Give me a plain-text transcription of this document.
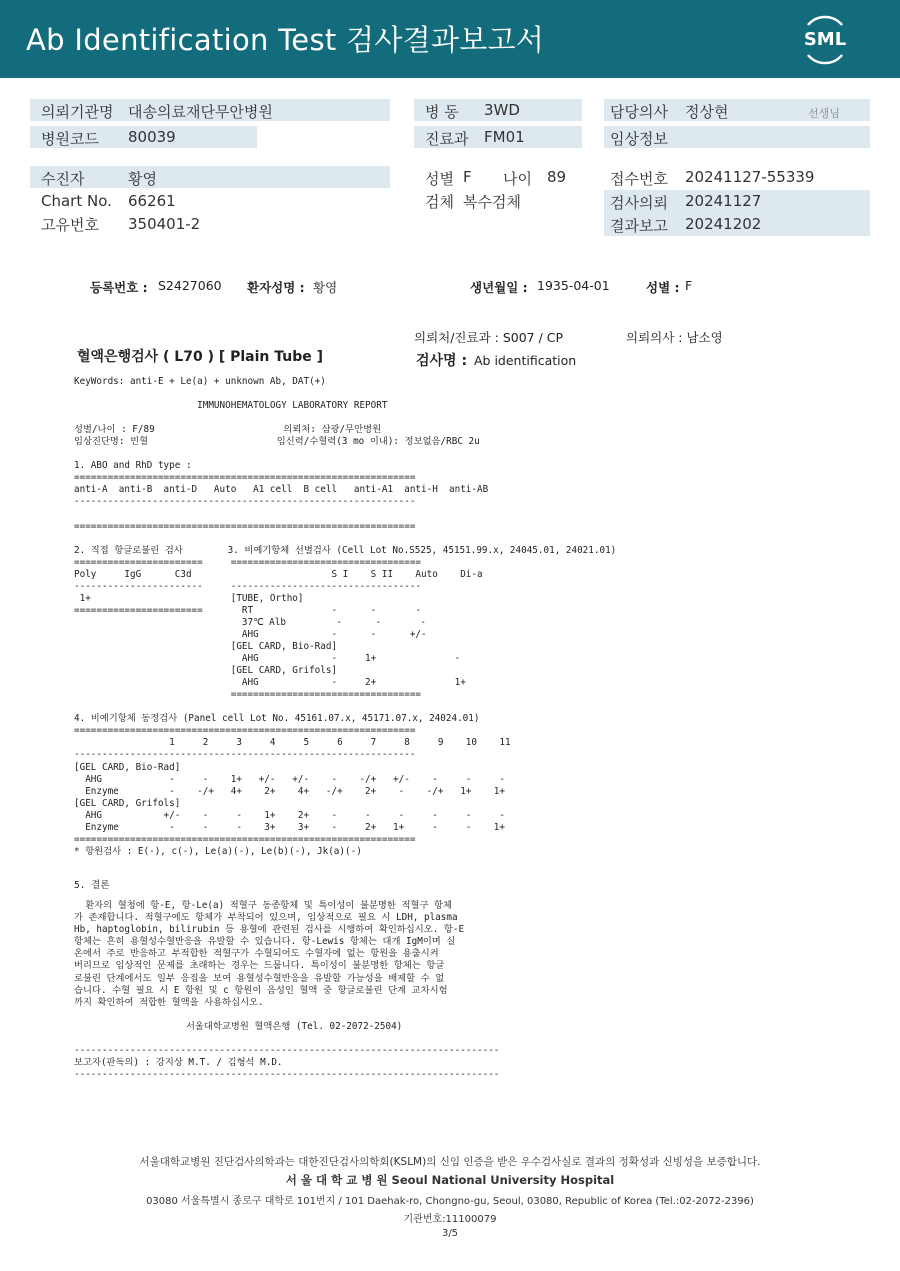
Ab Identification Test 검사결과보고서	SML
의뢰기관명 대송의료재단무안병원
병원코드 80039
병 동 3WD
진료과 FM01
담당의사 정상현	선생님
임상정보
수진자	황영
Chart No. 66261
고유번호 350401-2
성별 F 나이 89
검체 복수검체
접수번호 20241127-55339
검사의뢰 20241127
결과보고 20241202
등록번호 : S2427060 환자성명 : 황영	생년월일 : 1935-04-01	성별 : F
의뢰처/진료과 : S007 / CP	의뢰의사 : 남소영
혈액은행검사 ( L70 ) [ Plain Tube ]	검사명 : Ab identification
KeyWords: anti-E + Le(a) + unknown Ab, DAT(+)

IMMUNOHEMATOLOGY LABORATORY REPORT

성별/나이 : F/89                       의뢰처: 삼광/무안병원
임상진단명: 빈혈                       임신력/수혈력(3 mo 이내): 정보없음/RBC 2u

1. ABO and RhD type :
=============================================================
anti-A  anti-B  anti-D   Auto   A1 cell  B cell   anti-A1  anti-H  anti-AB
-------------------------------------------------------------

=============================================================

2. 직접 항글로불린 검사        3. 비예기항체 선별검사 (Cell Lot No.S525, 45151.99.x, 24045.01, 24021.01)
=======================     ==================================
Poly     IgG      C3d                         S I    S II    Auto    Di-a
-----------------------     ----------------------------------
1+                         [TUBE, Ortho]
=======================       RT              -      -       -
37℃ Alb         -      -       -
AHG             -      -      +/-
[GEL CARD, Bio-Rad]
AHG             -     1+              -
[GEL CARD, Grifols]
AHG             -     2+              1+
==================================

4. 비예기항체 동정검사 (Panel cell Lot No. 45161.07.x, 45171.07.x, 24024.01)
=============================================================
1     2     3     4     5     6     7     8     9    10    11
-------------------------------------------------------------
[GEL CARD, Bio-Rad]
AHG            -     -    1+   +/-   +/-    -    -/+   +/-    -     -     -
Enzyme         -    -/+   4+    2+    4+   -/+    2+    -    -/+   1+    1+
[GEL CARD, Grifols]
AHG           +/-    -     -    1+    2+    -     -     -     -     -     -
Enzyme         -     -     -    3+    3+    -     2+   1+     -     -    1+
=============================================================
* 항원검사 : E(-), c(-), Le(a)(-), Le(b)(-), Jk(a)(-)
5. 결론
환자의 혈청에 항-E, 항-Le(a) 적혈구 동종항체 및 특이성이 불분명한 적혈구 항체
가 존재합니다. 적혈구에도 항체가 부착되어 있으며, 임상적으로 필요 시 LDH, plasma
Hb, haptoglobin, bilirubin 등 용혈에 관련된 검사를 시행하여 확인하십시오. 항-E
항체는 흔히 용혈성수혈반응을 유발할 수 있습니다. 항-Lewis 항체는 대개 IgM이며 실
온에서 주로 반응하고 부적합한 적혈구가 수혈되어도 수혈자에 없는 항원을 용출시켜
버리므로 임상적인 문제를 초래하는 경우는 드뭅니다. 특이성이 불분명한 항체는 항글
로불린 단계에서도 일부 응집을 보여 용혈성수혈반응을 유발할 가능성을 배제할 수 없
습니다. 수혈 필요 시 E 항원 및 c 항원이 음성인 혈액 중 항글로불린 단계 교차시험
까지 확인하여 적합한 혈액을 사용하십시오.

서울대학교병원 혈액은행 (Tel. 02-2072-2504)

----------------------------------------------------------------------------
보고자(판독의) : 강지상 M.T. / 김형석 M.D.
----------------------------------------------------------------------------
서울대학교병원 진단검사의학과는 대한진단검사의학회(KSLM)의 신임 인증을 받은 우수검사실로 결과의 정확성과 신빙성을 보증합니다.
서 울 대 학 교 병 원 Seoul National University Hospital
03080 서울특별시 종로구 대학로 101번지 / 101 Daehak-ro, Chongno-gu, Seoul, 03080, Republic of Korea (Tel.:02-2072-2396)
기관번호:11100079
3/5
